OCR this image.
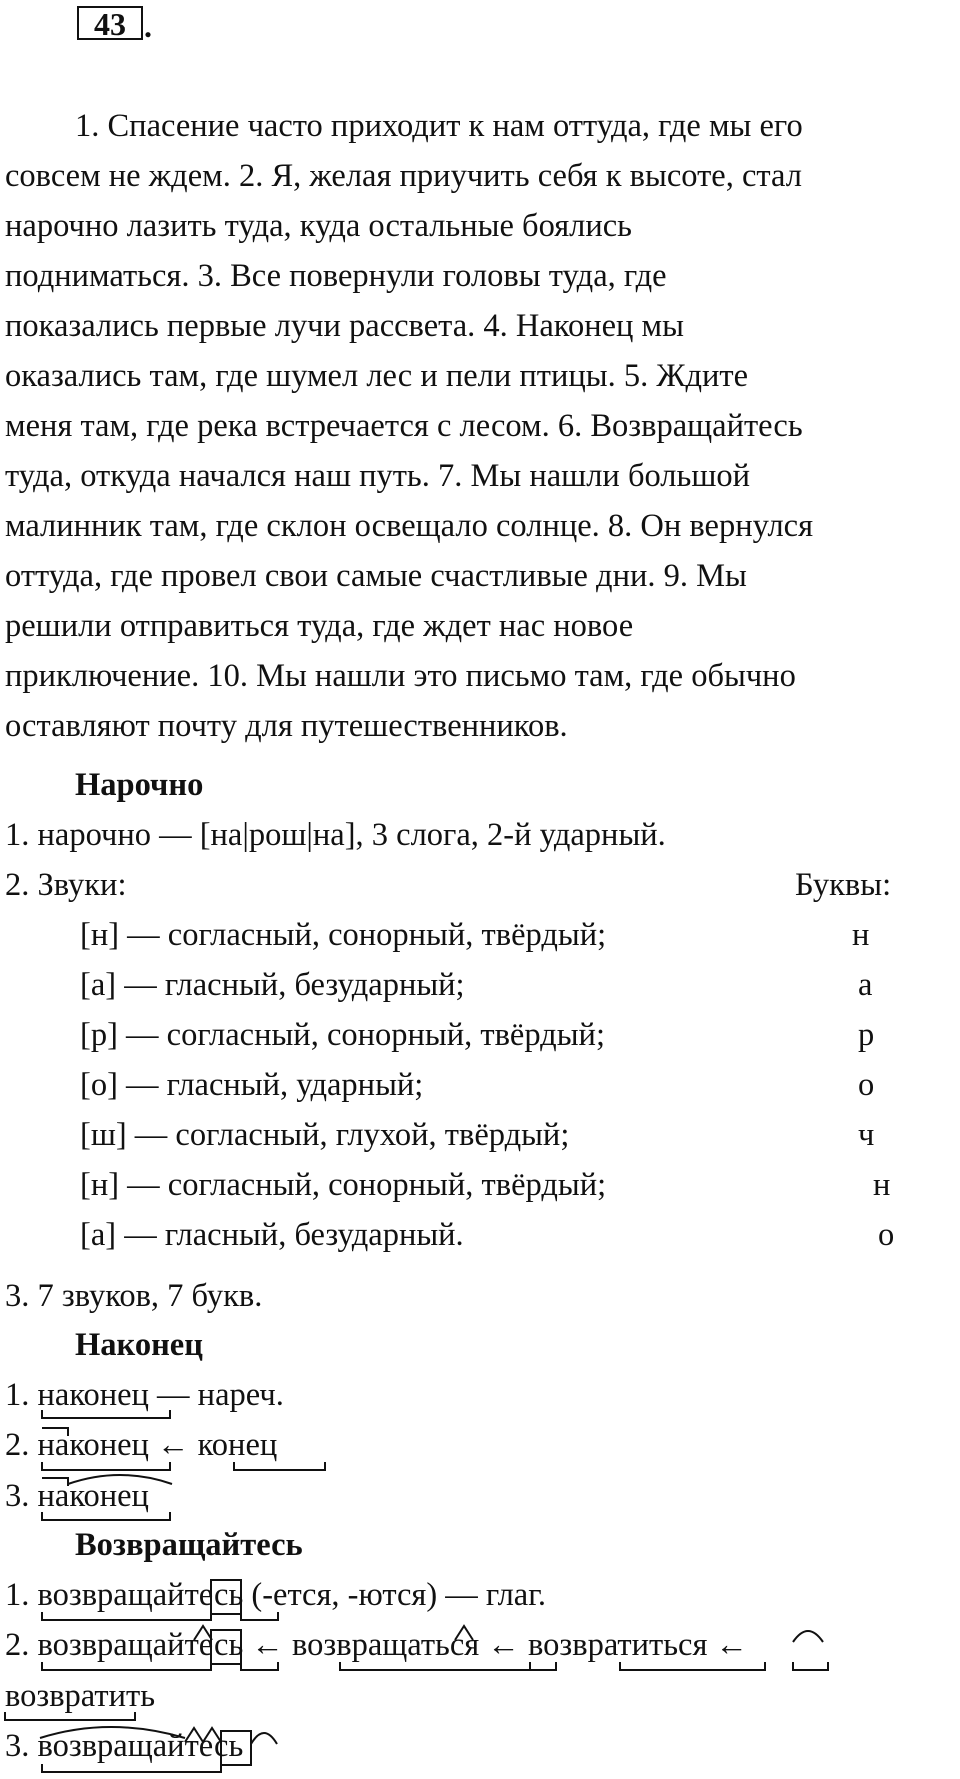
43 .
1. Спасение часто приходит к нам оттуда, где мы его
совсем не ждем. 2. Я, желая приучить себя к высоте, стал
нарочно лазить туда, куда остальные боялись
подниматься. 3. Все повернули головы туда, где
показались первые лучи рассвета. 4. Наконец мы
оказались там, где шумел лес и пели птицы. 5. Ждите
меня там, где река встречается с лесом. 6. Возвращайтесь
туда, откуда начался наш путь. 7. Мы нашли большой
малинник там, где склон освещало солнце. 8. Он вернулся
оттуда, где провел свои самые счастливые дни. 9. Мы
решили отправиться туда, где ждет нас новое
приключение. 10. Мы нашли это письмо там, где обычно
оставляют почту для путешественников.
Нарочно
1. нарочно — [на|рош|на], 3 слога, 2-й ударный.
2. Звуки:	Буквы:
[н] — согласный, сонорный, твёрдый;	н
[а] — гласный, безударный;	а
[р] — согласный, сонорный, твёрдый;	р
[о] — гласный, ударный;	о
[ш] — согласный, глухой, твёрдый;	ч
[н] — согласный, сонорный, твёрдый;	н
[а] — гласный, безударный.	о
3. 7 звуков, 7 букв.
Наконец
1. наконец — нареч.
2. наконец ← конец
3. наконец
Возвращайтесь
1. возвращайтесь (-ется, -ются) — глаг.
2. возвращайтесь ← возвращаться ← возвратиться ←
возвратить
3. возвращайтесь
